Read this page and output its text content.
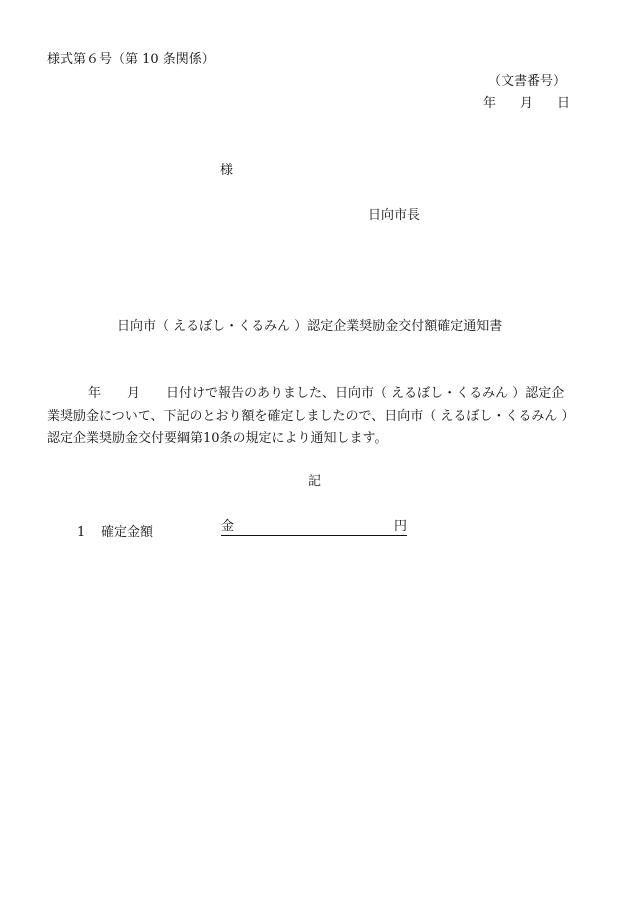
様式第６号（第 10 条関係）
（文書番号）
年 月 日
様
日向市長
日向市（ えるぼし・くるみん ）認定企業奨励金交付額確定通知書
年 月 日付けで報告のありました、日向市（ えるぼし・くるみん ）認定企
業奨励金について、下記のとおり額を確定しましたので、日向市（ えるぼし・くるみん ）
認定企業奨励金交付要綱第10条の規定により通知します。
記
1 確定金額	金	円
